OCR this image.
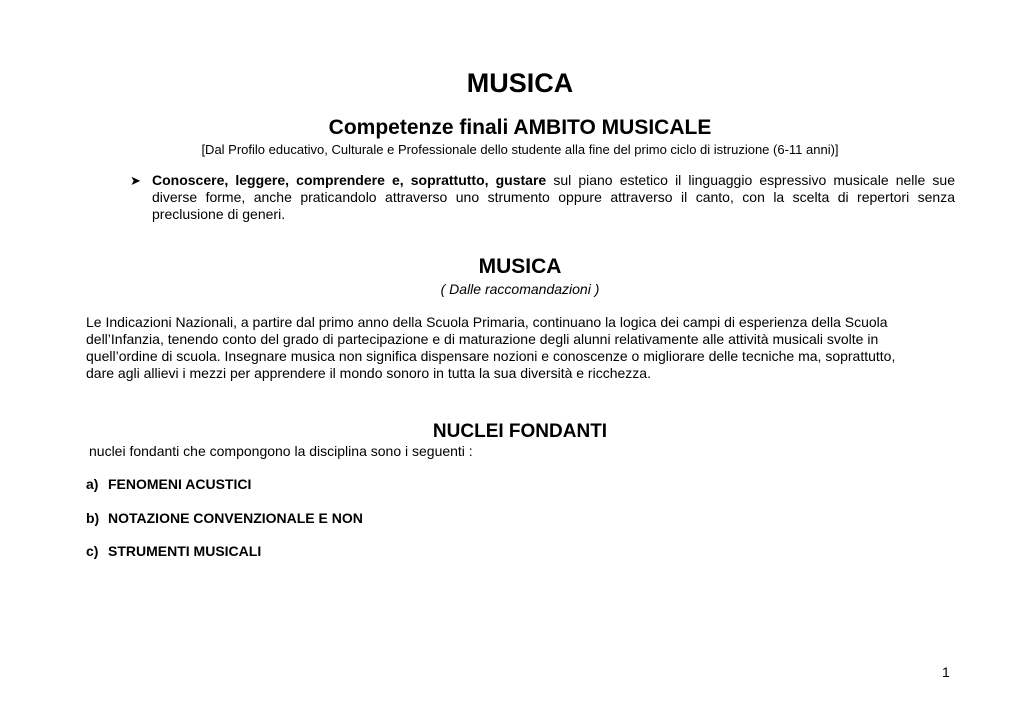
MUSICA
Competenze finali AMBITO MUSICALE
[Dal Profilo educativo, Culturale e Professionale dello studente alla fine del primo ciclo di istruzione (6-11 anni)]
➤ Conoscere, leggere, comprendere e, soprattutto, gustare sul piano estetico il linguaggio espressivo musicale nelle sue diverse forme, anche praticandolo attraverso uno strumento oppure attraverso il canto, con la scelta di repertori senza preclusione di generi.
MUSICA
( Dalle raccomandazioni )
Le Indicazioni Nazionali, a partire dal primo anno della Scuola Primaria, continuano la logica dei campi di esperienza della Scuola
dell’Infanzia, tenendo conto del grado di partecipazione e di maturazione degli alunni relativamente alle attività musicali svolte in
quell’ordine di scuola. Insegnare musica non significa dispensare nozioni e conoscenze o migliorare delle tecniche ma, soprattutto,
dare agli allievi i mezzi per apprendere il mondo sonoro in tutta la sua diversità e ricchezza.
NUCLEI FONDANTI
nuclei fondanti che compongono la disciplina sono i seguenti :
a) FENOMENI ACUSTICI
b) NOTAZIONE CONVENZIONALE E NON
c) STRUMENTI MUSICALI
1
